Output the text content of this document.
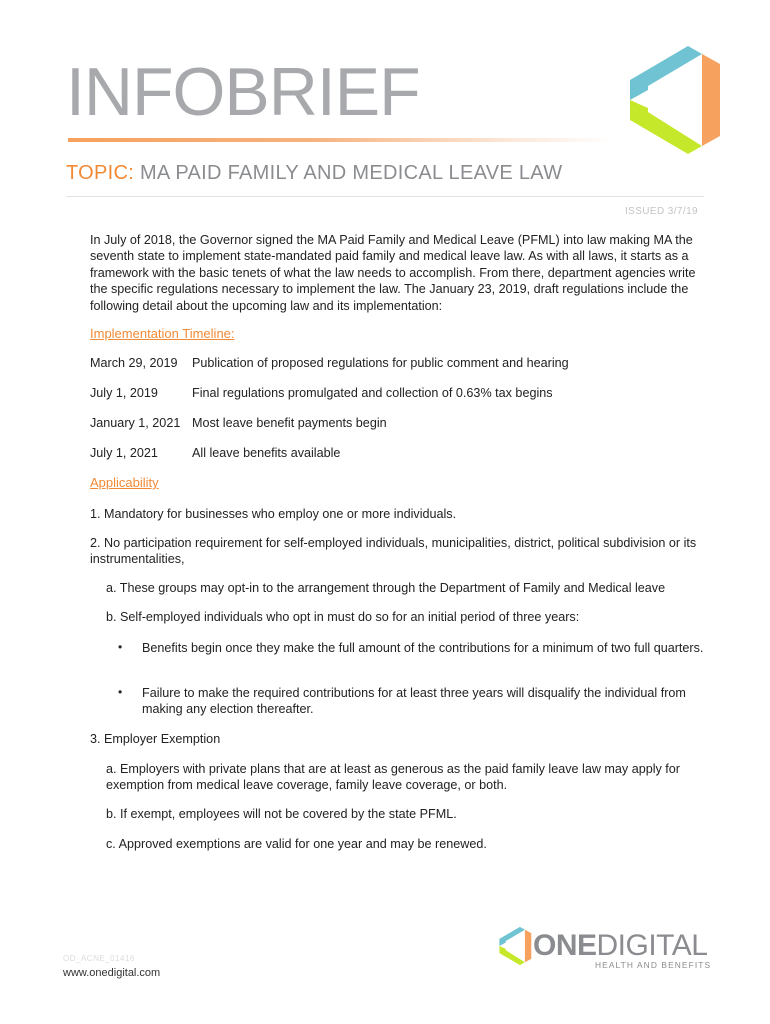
INFOBRIEF
TOPIC: MA PAID FAMILY AND MEDICAL LEAVE LAW
ISSUED 3/7/19
In July of 2018, the Governor signed the MA Paid Family and Medical Leave (PFML) into law making MA the seventh state to implement state-mandated paid family and medical leave law. As with all laws, it starts as a framework with the basic tenets of what the law needs to accomplish. From there, department agencies write the specific regulations necessary to implement the law. The January 23, 2019, draft regulations include the following detail about the upcoming law and its implementation:
Implementation Timeline:
March 29, 2019 Publication of proposed regulations for public comment and hearing
July 1, 2019	Final regulations promulgated and collection of 0.63% tax begins
January 1, 2021 Most leave benefit payments begin
July 1, 2021	All leave benefits available
Applicability
1. Mandatory for businesses who employ one or more individuals.
2. No participation requirement for self-employed individuals, municipalities, district, political subdivision or its instrumentalities,
a. These groups may opt-in to the arrangement through the Department of Family and Medical leave
b. Self-employed individuals who opt in must do so for an initial period of three years:
• Benefits begin once they make the full amount of the contributions for a minimum of two full quarters.
• Failure to make the required contributions for at least three years will disqualify the individual from making any election thereafter.
3. Employer Exemption
a. Employers with private plans that are at least as generous as the paid family leave law may apply for exemption from medical leave coverage, family leave coverage, or both.
b. If exempt, employees will not be covered by the state PFML.
c. Approved exemptions are valid for one year and may be renewed.
OD_ACNE_01416
www.onedigital.com
ONEDIGITAL
HEALTH AND BENEFITS
